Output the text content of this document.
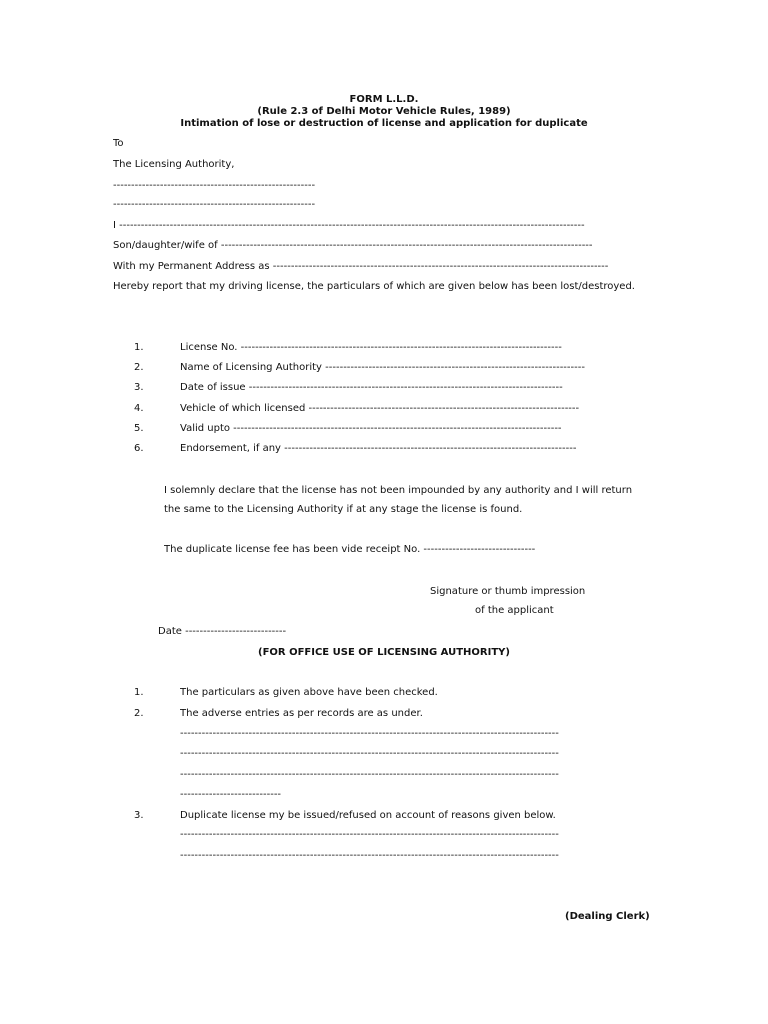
FORM L.L.D.
(Rule 2.3 of Delhi Motor Vehicle Rules, 1989)
Intimation of lose or destruction of license and application for duplicate
To
The Licensing Authority,
--------------------------------------------------------
--------------------------------------------------------
I ---------------------------------------------------------------------------------------------------------------------------------
Son/daughter/wife of -------------------------------------------------------------------------------------------------------
With my Permanent Address as ---------------------------------------------------------------------------------------------
Hereby report that my driving license, the particulars of which are given below has been lost/destroyed.
1.	License No. -----------------------------------------------------------------------------------------
2.	Name of Licensing Authority ------------------------------------------------------------------------
3.	Date of issue ---------------------------------------------------------------------------------------
4.	Vehicle of which licensed ---------------------------------------------------------------------------
5.	Valid upto -------------------------------------------------------------------------------------------
6.	Endorsement, if any ---------------------------------------------------------------------------------
I solemnly declare that the license has not been impounded by any authority and I will return
the same to the Licensing Authority if at any stage the license is found.
The duplicate license fee has been vide receipt No. -------------------------------
Signature or thumb impression
of the applicant
Date ----------------------------
(FOR OFFICE USE OF LICENSING AUTHORITY)
1.	The particulars as given above have been checked.
2.	The adverse entries as per records are as under.
---------------------------------------------------------------------------------------------------------
---------------------------------------------------------------------------------------------------------
---------------------------------------------------------------------------------------------------------
----------------------------
3.	Duplicate license my be issued/refused on account of reasons given below.
---------------------------------------------------------------------------------------------------------
---------------------------------------------------------------------------------------------------------
(Dealing Clerk)
